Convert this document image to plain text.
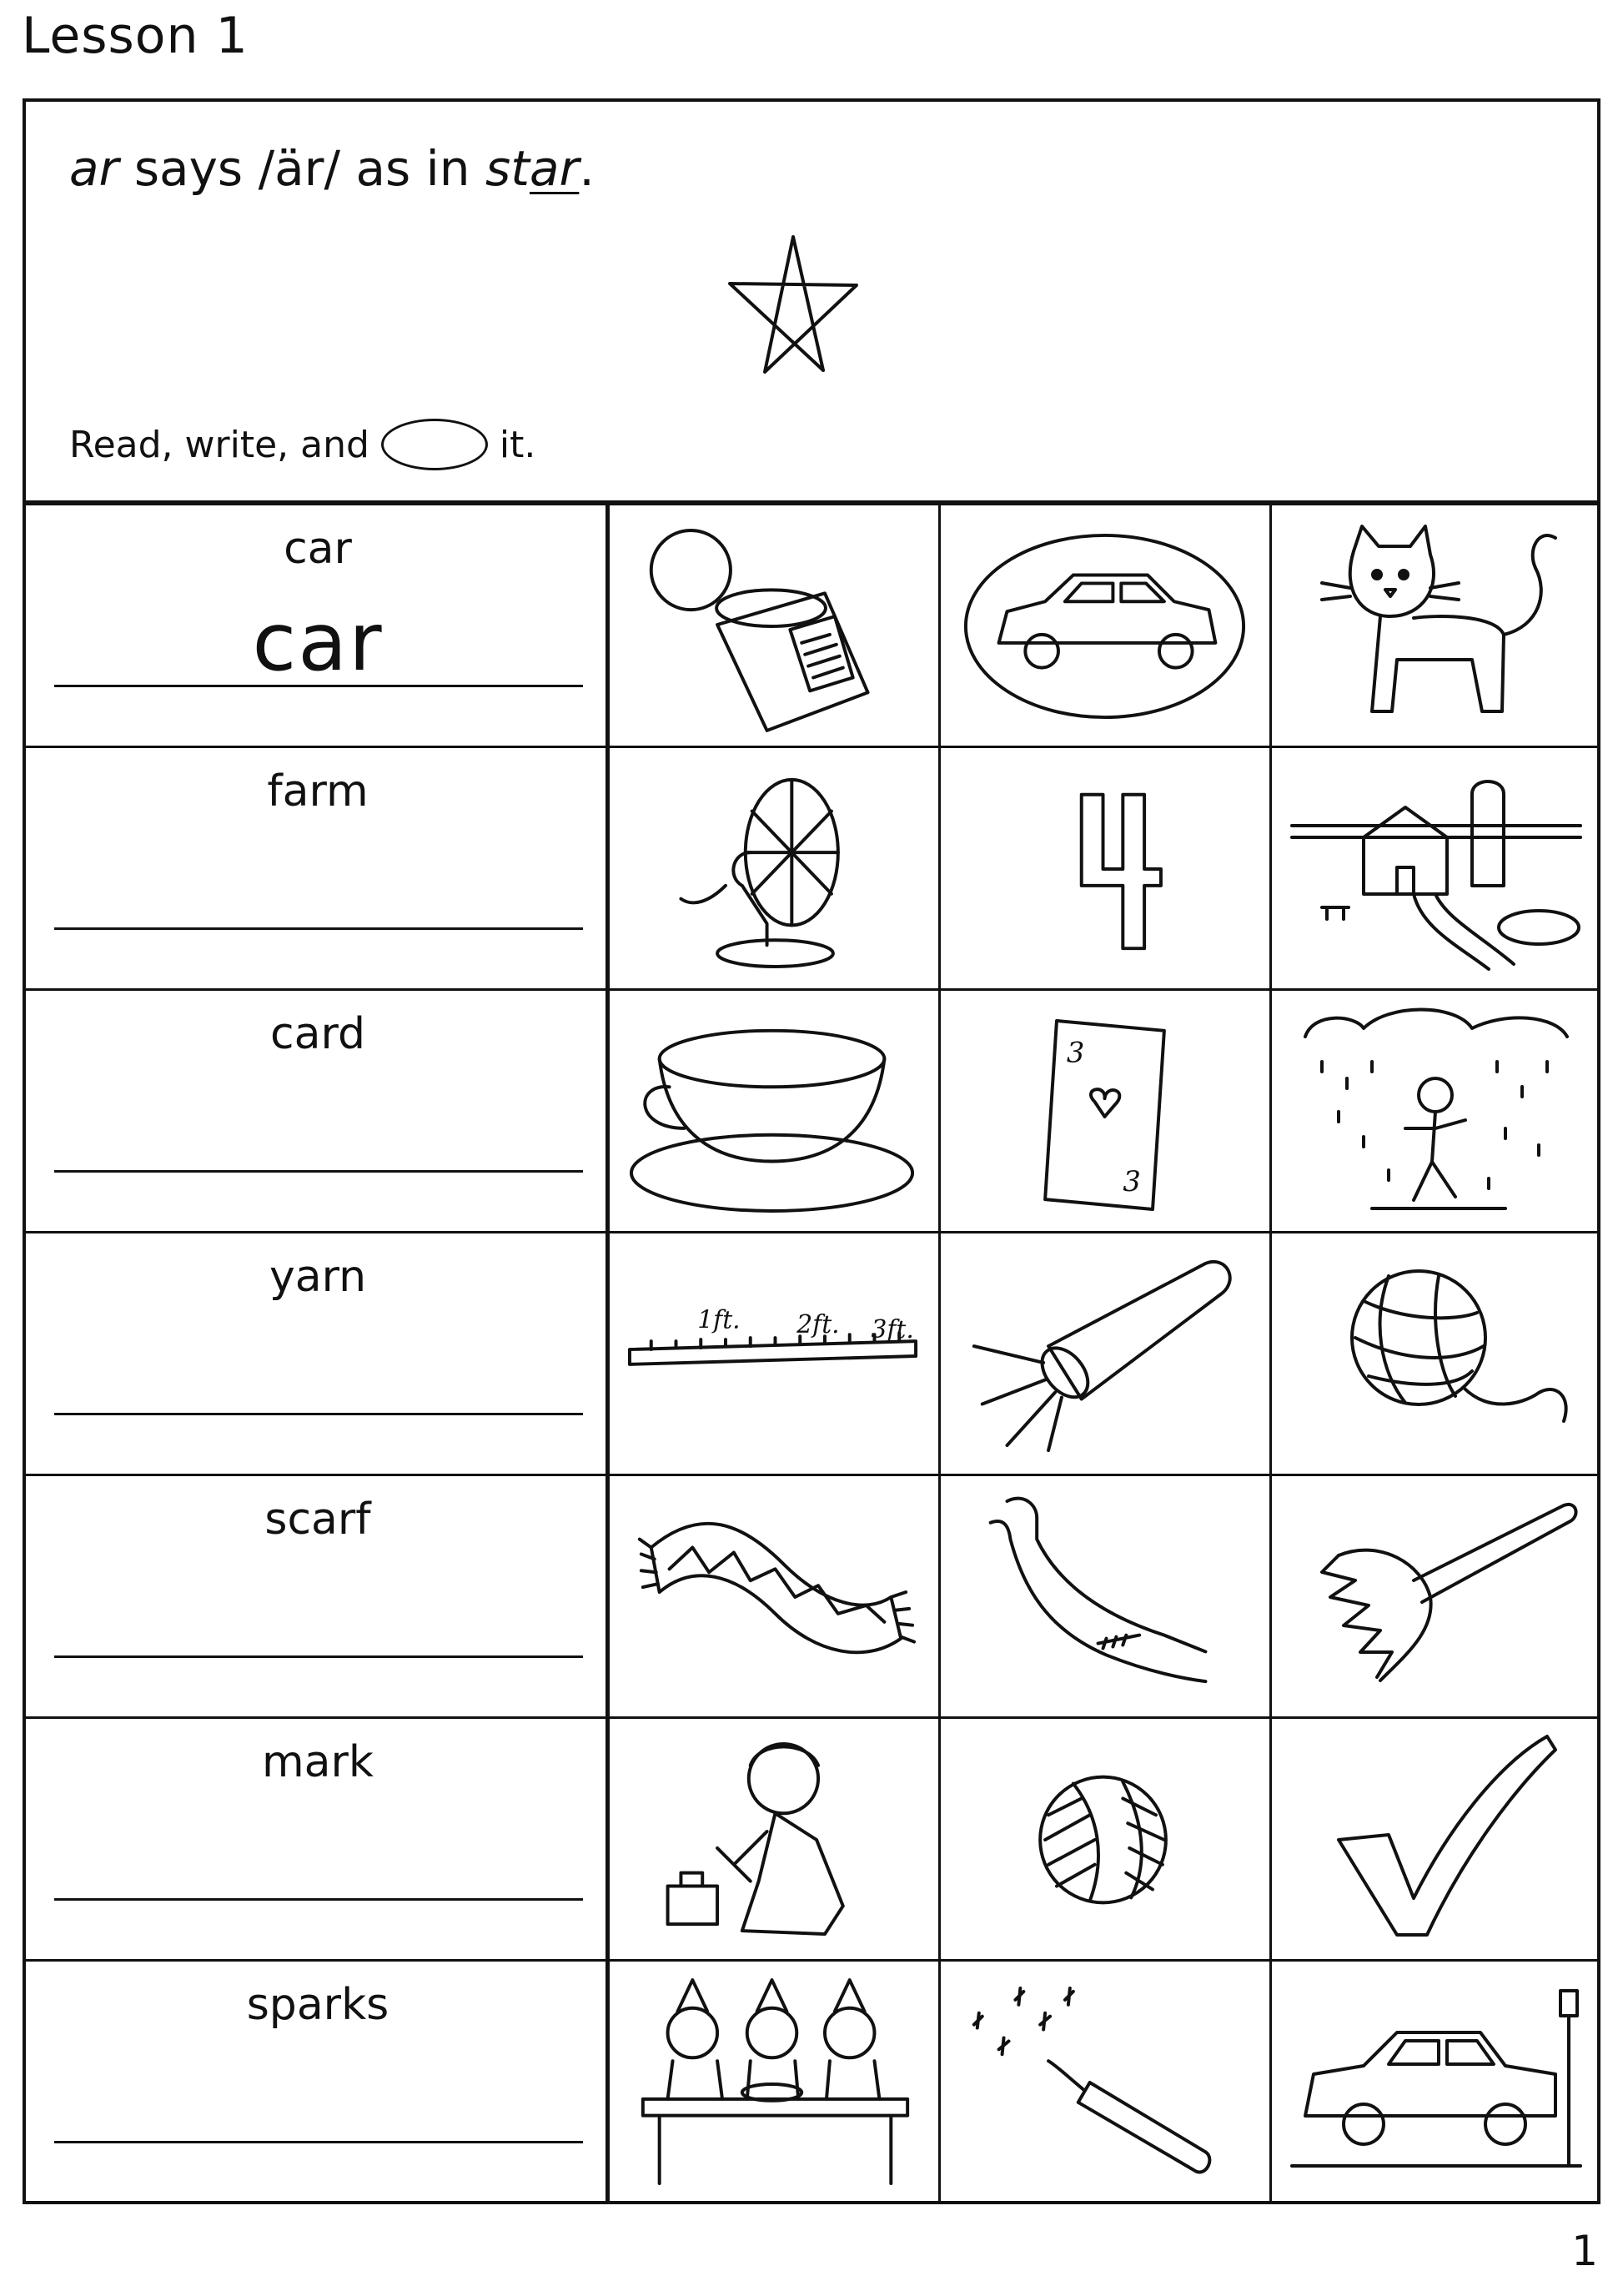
Lesson 1
ar says /är/ as in star.
Read, write, and	it.
car
car
farm
card	3
3
yarn
1ft. 2ft. 3ft.
scarf
mark
sparks
1
